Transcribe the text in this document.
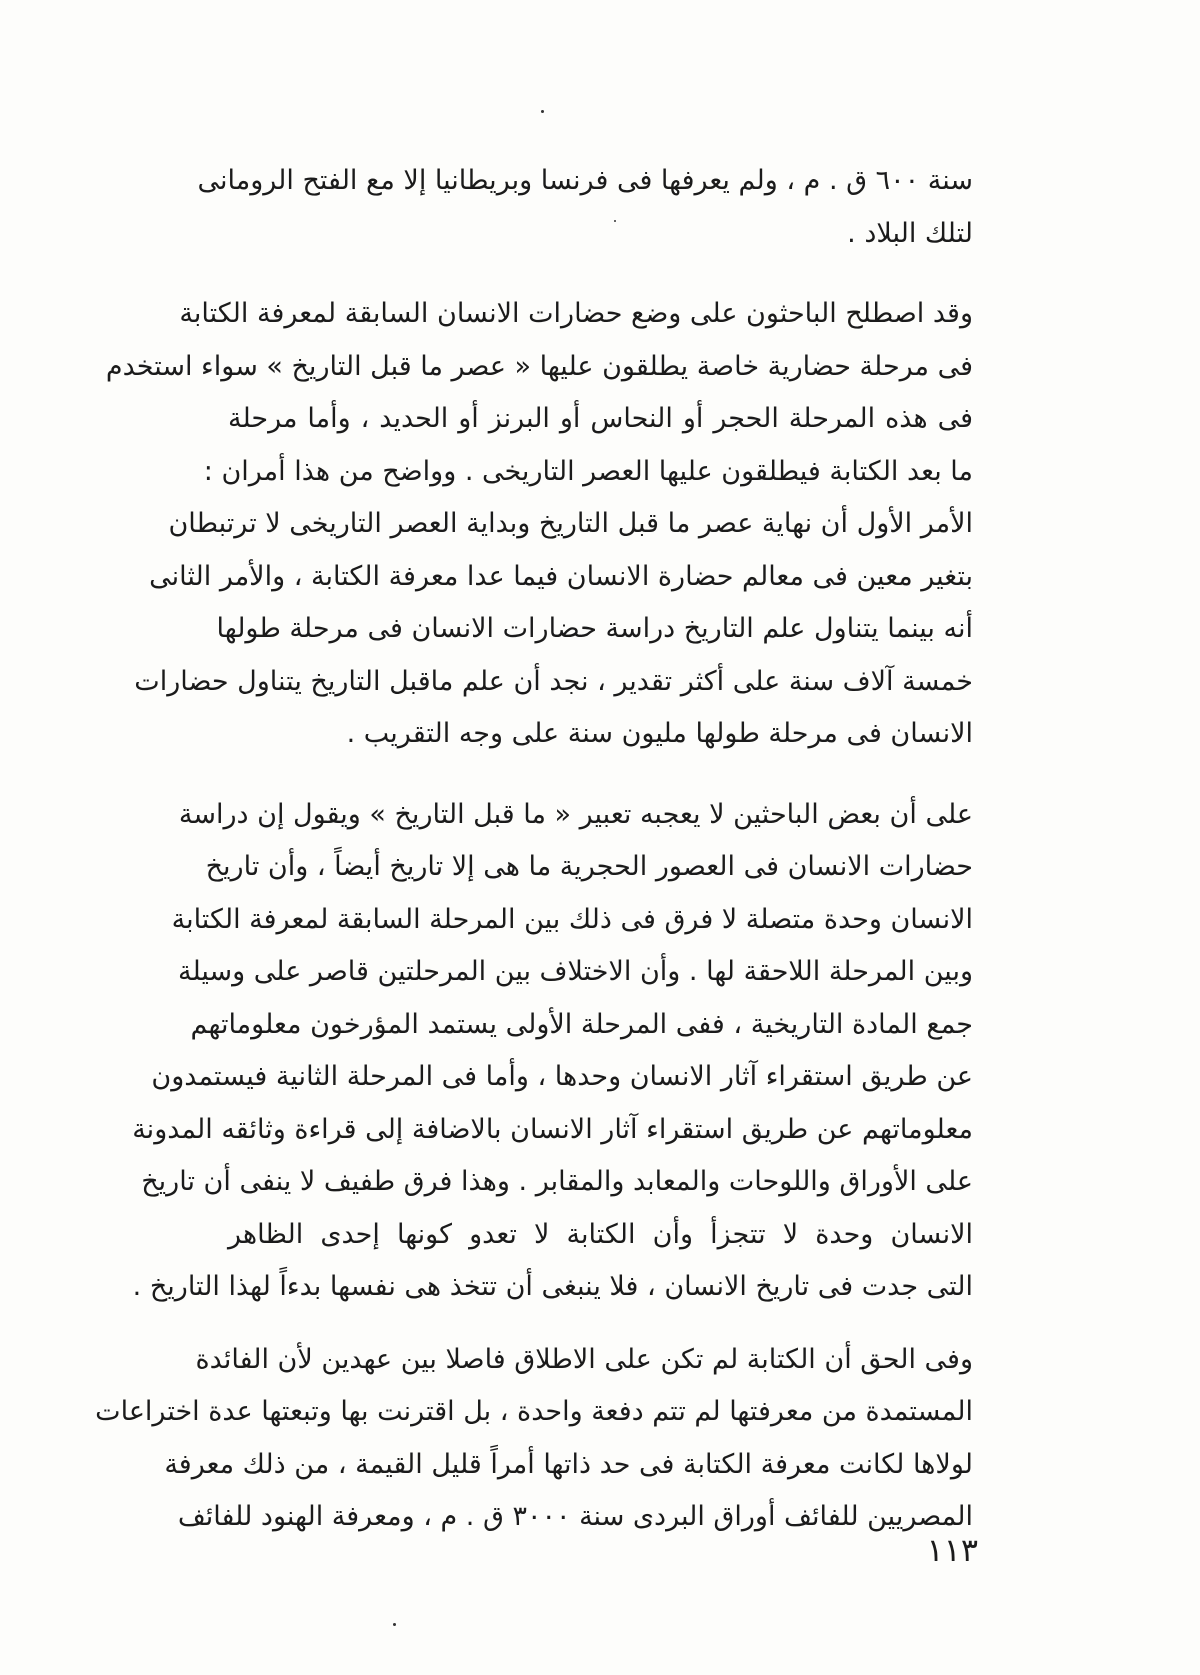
سنة ٦٠٠ ق . م ، ولم يعرفها فى فرنسا وبريطانيا إلا مع الفتح الرومانى
لتلك البلاد .
وقد اصطلح الباحثون على وضع حضارات الانسان السابقة لمعرفة الكتابة
فى مرحلة حضارية خاصة يطلقون عليها « عصر ما قبل التاريخ » سواء استخدم
فى هذه المرحلة الحجر أو النحاس أو البرنز أو الحديد ، وأما مرحلة
ما بعد الكتابة فيطلقون عليها العصر التاريخى . وواضح من هذا أمران :
الأمر الأول أن نهاية عصر ما قبل التاريخ وبداية العصر التاريخى لا ترتبطان
بتغير معين فى معالم حضارة الانسان فيما عدا معرفة الكتابة ، والأمر الثانى
أنه بينما يتناول علم التاريخ دراسة حضارات الانسان فى مرحلة طولها
خمسة آلاف سنة على أكثر تقدير ، نجد أن علم ماقبل التاريخ يتناول حضارات
الانسان فى مرحلة طولها مليون سنة على وجه التقريب .
على أن بعض الباحثين لا يعجبه تعبير « ما قبل التاريخ » ويقول إن دراسة
حضارات الانسان فى العصور الحجرية ما هى إلا تاريخ أيضاً ، وأن تاريخ
الانسان وحدة متصلة لا فرق فى ذلك بين المرحلة السابقة لمعرفة الكتابة
وبين المرحلة اللاحقة لها . وأن الاختلاف بين المرحلتين قاصر على وسيلة
جمع المادة التاريخية ، ففى المرحلة الأولى يستمد المؤرخون معلوماتهم
عن طريق استقراء آثار الانسان وحدها ، وأما فى المرحلة الثانية فيستمدون
معلوماتهم عن طريق استقراء آثار الانسان بالاضافة إلى قراءة وثائقه المدونة
على الأوراق واللوحات والمعابد والمقابر . وهذا فرق طفيف لا ينفى أن تاريخ
الانسان وحدة لا تتجزأ وأن الكتابة لا تعدو كونها إحدى الظاهر
التى جدت فى تاريخ الانسان ، فلا ينبغى أن تتخذ هى نفسها بدءاً لهذا التاريخ .
وفى الحق أن الكتابة لم تكن على الاطلاق فاصلا بين عهدين لأن الفائدة
المستمدة من معرفتها لم تتم دفعة واحدة ، بل اقترنت بها وتبعتها عدة اختراعات
لولاها لكانت معرفة الكتابة فى حد ذاتها أمراً قليل القيمة ، من ذلك معرفة
المصريين للفائف أوراق البردى سنة ٣٠٠٠ ق . م ، ومعرفة الهنود للفائف
١١٣
